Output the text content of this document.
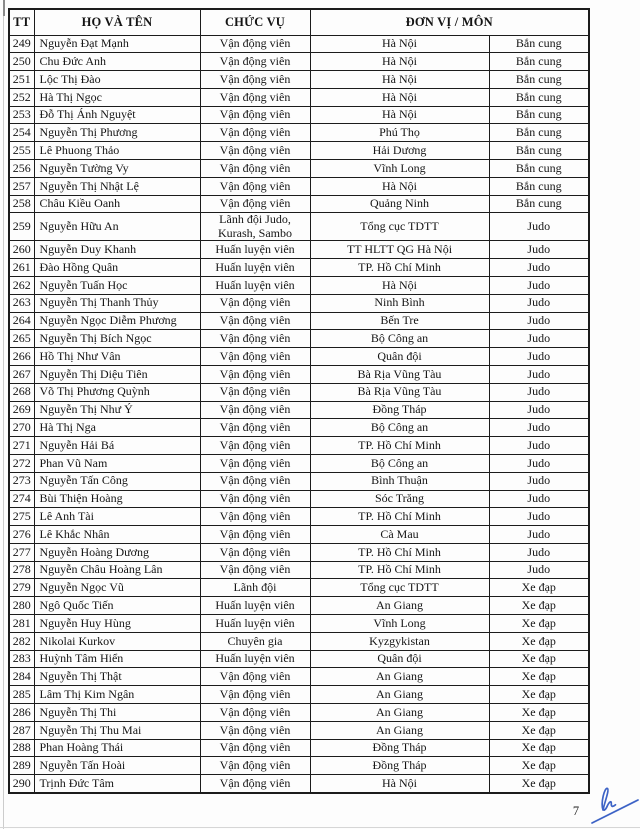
TT	HỌ VÀ TÊN	CHỨC VỤ	ĐƠN VỊ / MÔN	
249	Nguyễn Đạt Mạnh	Vận động viên	Hà Nội	Bắn cung
250	Chu Đức Anh	Vận động viên	Hà Nội	Bắn cung
251	Lộc Thị Đào	Vận động viên	Hà Nội	Bắn cung
252	Hà Thị Ngọc	Vận động viên	Hà Nội	Bắn cung
253	Đỗ Thị Ánh Nguyệt	Vận động viên	Hà Nội	Bắn cung
254	Nguyễn Thị Phương	Vận động viên	Phú Thọ	Bắn cung
255	Lê Phuong Thảo	Vận động viên	Hải Dương	Bắn cung
256	Nguyễn Tường Vy	Vận động viên	Vĩnh Long	Bắn cung
257	Nguyễn Thị Nhật Lệ	Vận động viên	Hà Nội	Bắn cung
258	Châu Kiều Oanh	Vận động viên	Quảng Ninh	Bắn cung
259	Nguyễn Hữu An	Lãnh đội Judo, Kurash, Sambo	Tổng cục TDTT	Judo
260	Nguyễn Duy Khanh	Huấn luyện viên	TT HLTT QG Hà Nội	Judo
261	Đào Hồng Quân	Huấn luyện viên	TP. Hồ Chí Minh	Judo
262	Nguyễn Tuấn Học	Huấn luyện viên	Hà Nội	Judo
263	Nguyễn Thị Thanh Thủy	Vận động viên	Ninh Bình	Judo
264	Nguyễn Ngọc Diễm Phương	Vận động viên	Bến Tre	Judo
265	Nguyễn Thị Bích Ngọc	Vận động viên	Bộ Công an	Judo
266	Hồ Thị Như Vân	Vận động viên	Quân đội	Judo
267	Nguyễn Thị Diệu Tiên	Vận động viên	Bà Rịa Vũng Tàu	Judo
268	Võ Thị Phương Quỳnh	Vận động viên	Bà Rịa Vũng Tàu	Judo
269	Nguyễn Thị Như Ý	Vận động viên	Đồng Tháp	Judo
270	Hà Thị Nga	Vận động viên	Bộ Công an	Judo
271	Nguyễn Hải Bá	Vận động viên	TP. Hồ Chí Minh	Judo
272	Phan Vũ Nam	Vận động viên	Bộ Công an	Judo
273	Nguyễn Tấn Công	Vận động viên	Bình Thuận	Judo
274	Bùi Thiện Hoàng	Vận động viên	Sóc Trăng	Judo
275	Lê Anh Tài	Vận động viên	TP. Hồ Chí Minh	Judo
276	Lê Khắc Nhân	Vận động viên	Cà Mau	Judo
277	Nguyễn Hoàng Dương	Vận động viên	TP. Hồ Chí Minh	Judo
278	Nguyễn Châu Hoàng Lân	Vận động viên	TP. Hồ Chí Minh	Judo
279	Nguyễn Ngọc Vũ	Lãnh đội	Tổng cục TDTT	Xe đạp
280	Ngô Quốc Tiến	Huấn luyện viên	An Giang	Xe đạp
281	Nguyễn Huy Hùng	Huấn luyện viên	Vĩnh Long	Xe đạp
282	Nikolai Kurkov	Chuyên gia	Kyzgykistan	Xe đạp
283	Huỳnh Tâm Hiển	Huấn luyện viên	Quân đội	Xe đạp
284	Nguyễn Thị Thật	Vận động viên	An Giang	Xe đạp
285	Lâm Thị Kim Ngân	Vận động viên	An Giang	Xe đạp
286	Nguyễn Thị Thi	Vận động viên	An Giang	Xe đạp
287	Nguyễn Thị Thu Mai	Vận động viên	An Giang	Xe đạp
288	Phan Hoàng Thái	Vận động viên	Đồng Tháp	Xe đạp
289	Nguyễn Tấn Hoài	Vận động viên	Đồng Tháp	Xe đạp
290	Trịnh Đức Tâm	Vận động viên	Hà Nội	Xe đạp
7
